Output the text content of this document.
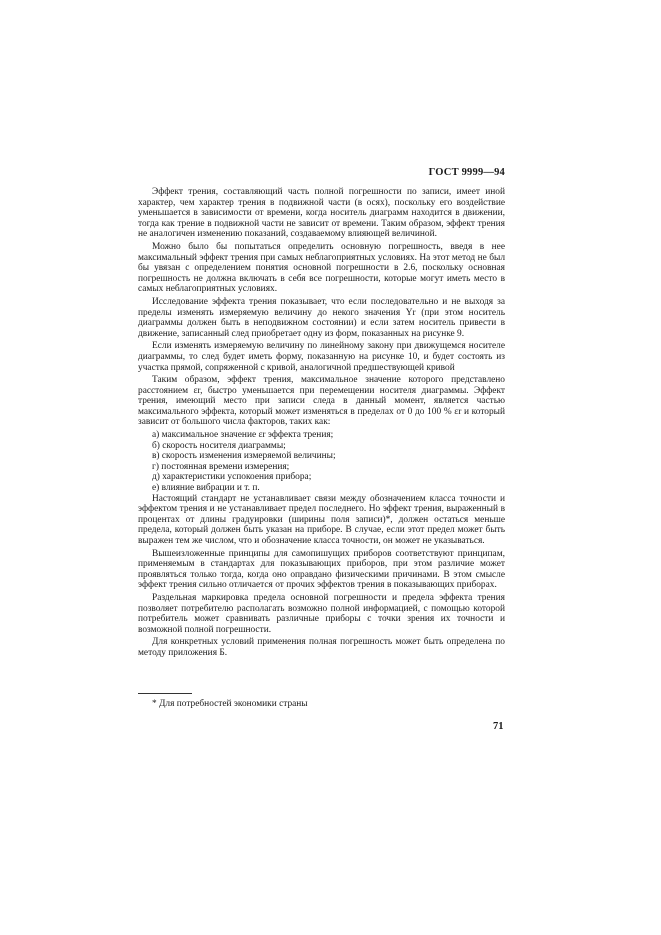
ГОСТ 9999—94

Эффект трения, составляющий часть полной погрешности по записи, имеет иной характер, чем характер трения в подвижной части (в осях), поскольку его воздействие уменьшается в зависимости от времени, когда носитель диаграмм находится в движении, тогда как трение в подвижной части не зависит от времени. Таким образом, эффект трения не аналогичен изменению показаний, создаваемому влияющей величиной.

Можно было бы попытаться определить основную погрешность, введя в нее максимальный эффект трения при самых неблагоприятных условиях. На этот метод не был бы увязан с определением понятия основной погрешности в 2.6, поскольку основная погрешность не должна включать в себя все погрешности, которые могут иметь место в самых неблагоприятных условиях.

Исследование эффекта трения показывает, что если последовательно и не выходя за пределы изменять измеряемую величину до некого значения Yr (при этом носитель диаграммы должен быть в неподвижном состоянии) и если затем носитель привести в движение, записанный след приобретает одну из форм, показанных на рисунке 9.

Если изменять измеряемую величину по линейному закону при движущемся носителе диаграммы, то след будет иметь форму, показанную на рисунке 10, и будет состоять из участка прямой, сопряженной с кривой, аналогичной предшествующей кривой

Таким образом, эффект трения, максимальное значение которого представлено расстоянием εr, быстро уменьшается при перемещении носителя диаграммы. Эффект трения, имеющий место при записи следа в данный момент, является частью максимального эффекта, который может изменяться в пределах от 0 до 100 % εr и который зависит от большого числа факторов, таких как:

а) максимальное значение εr эффекта трения;

б) скорость носителя диаграммы;

в) скорость изменения измеряемой величины;

г) постоянная времени измерения;

д) характеристики успокоения прибора;

е) влияние вибрации и т. п.

Настоящий стандарт не устанавливает связи между обозначением класса точности и эффектом трения и не устанавливает предел последнего. Но эффект трения, выраженный в процентах от длины градуировки (ширины поля записи)*, должен остаться меньше предела, который должен быть указан на приборе. В случае, если этот предел может быть выражен тем же числом, что и обозначение класса точности, он может не указываться.

Вышеизложенные принципы для самопишущих приборов соответствуют принципам, применяемым в стандартах для показывающих приборов, при этом различие может проявляться только тогда, когда оно оправдано физическими причинами. В этом смысле эффект трения сильно отличается от прочих эффектов трения в показывающих приборах.

Раздельная маркировка предела основной погрешности и предела эффекта трения позволяет потребителю располагать возможно полной информацией, с помощью которой потребитель может сравнивать различные приборы с точки зрения их точности и возможной полной погрешности.

Для конкретных условий применения полная погрешность может быть определена по методу приложения Б.

* Для потребностей экономики страны
71
